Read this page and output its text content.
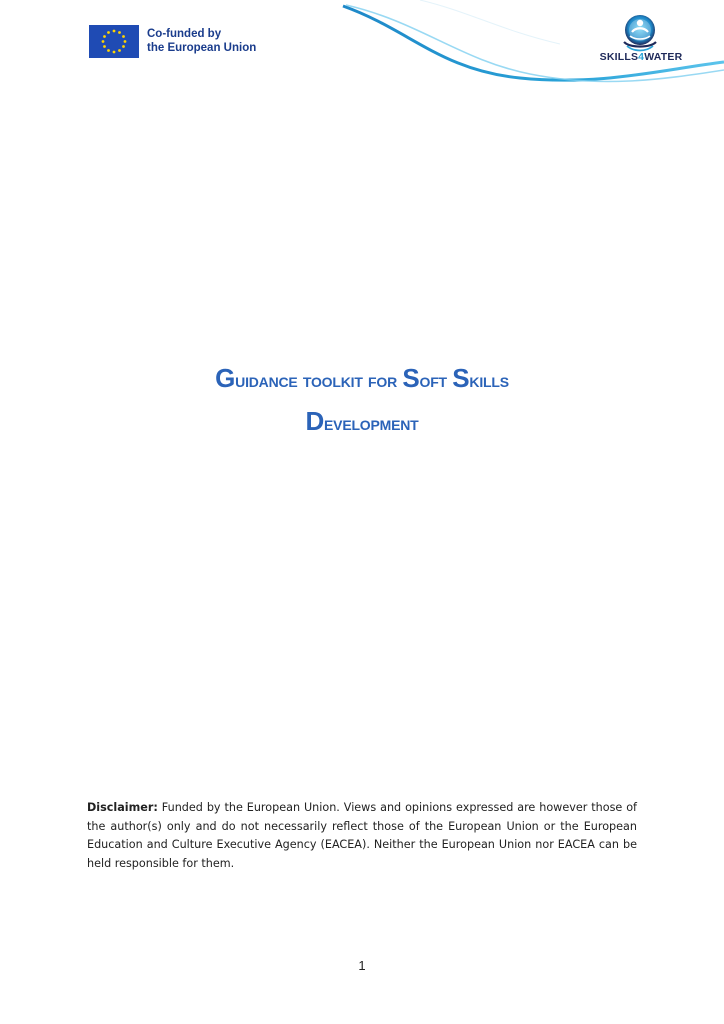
Co-funded by
the European Union
SKILLS4WATER
Guidance toolkit for Soft Skills
Development
Disclaimer: Funded by the European Union. Views and opinions expressed are however those of the author(s) only and do not necessarily reflect those of the European Union or the European Education and Culture Executive Agency (EACEA). Neither the European Union nor EACEA can be held responsible for them.
1
